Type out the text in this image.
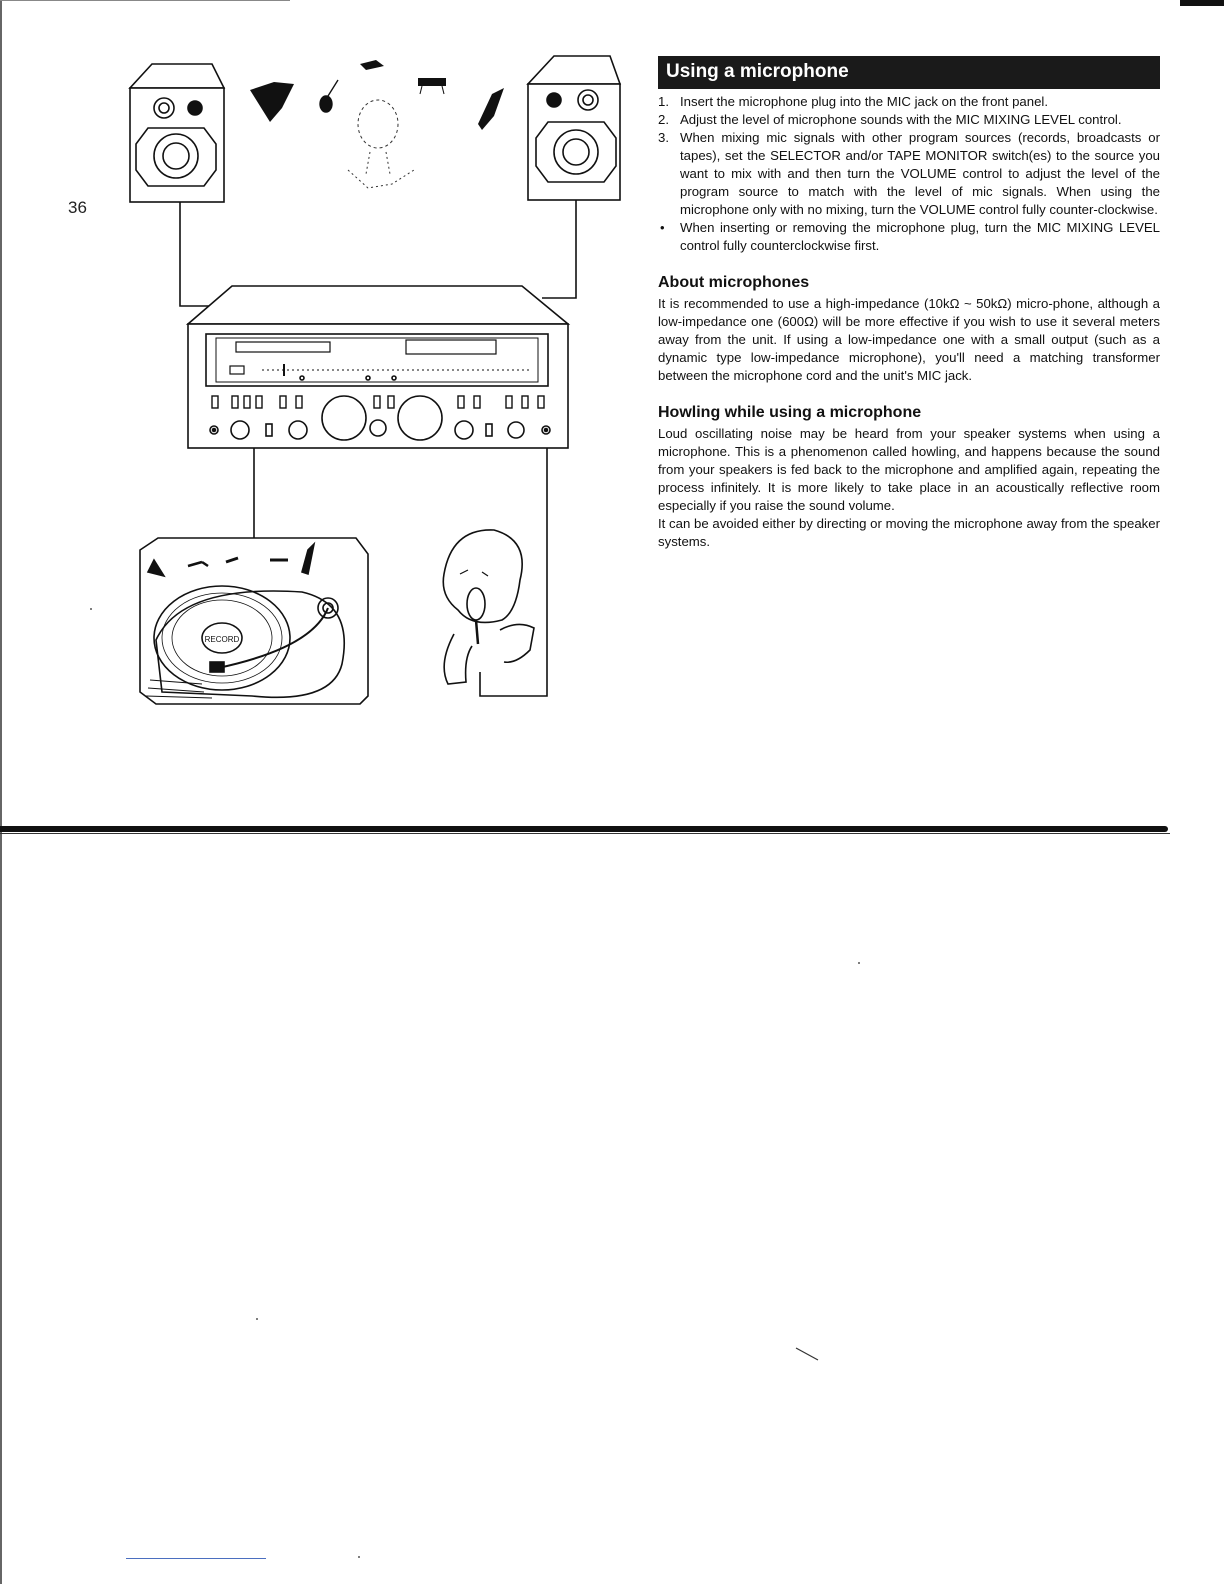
36
RECORD
Using a microphone
1. Insert the microphone plug into the MIC jack on the front panel.
2. Adjust the level of microphone sounds with the MIC MIXING LEVEL control.
3. When mixing mic signals with other program sources (records, broadcasts or tapes), set the SELECTOR and/or TAPE MONITOR switch(es) to the source you want to mix with and then turn the VOLUME control to adjust the level of the program source to match with the level of mic signals. When using the microphone only with no mixing, turn the VOLUME control fully counter-clockwise.
• When inserting or removing the microphone plug, turn the MIC MIXING LEVEL control fully counterclockwise first.
About microphones

It is recommended to use a high-impedance (10kΩ ~ 50kΩ) micro-phone, although a low-impedance one (600Ω) will be more effective if you wish to use it several meters away from the unit. If using a low-impedance one with a small output (such as a dynamic type low-impedance microphone), you'll need a matching transformer between the microphone cord and the unit's MIC jack.

Howling while using a microphone

Loud oscillating noise may be heard from your speaker systems when using a microphone. This is a phenomenon called howling, and happens because the sound from your speakers is fed back to the microphone and amplified again, repeating the process infinitely. It is more likely to take place in an acoustically reflective room especially if you raise the sound volume.

It can be avoided either by directing or moving the microphone away from the speaker systems.
